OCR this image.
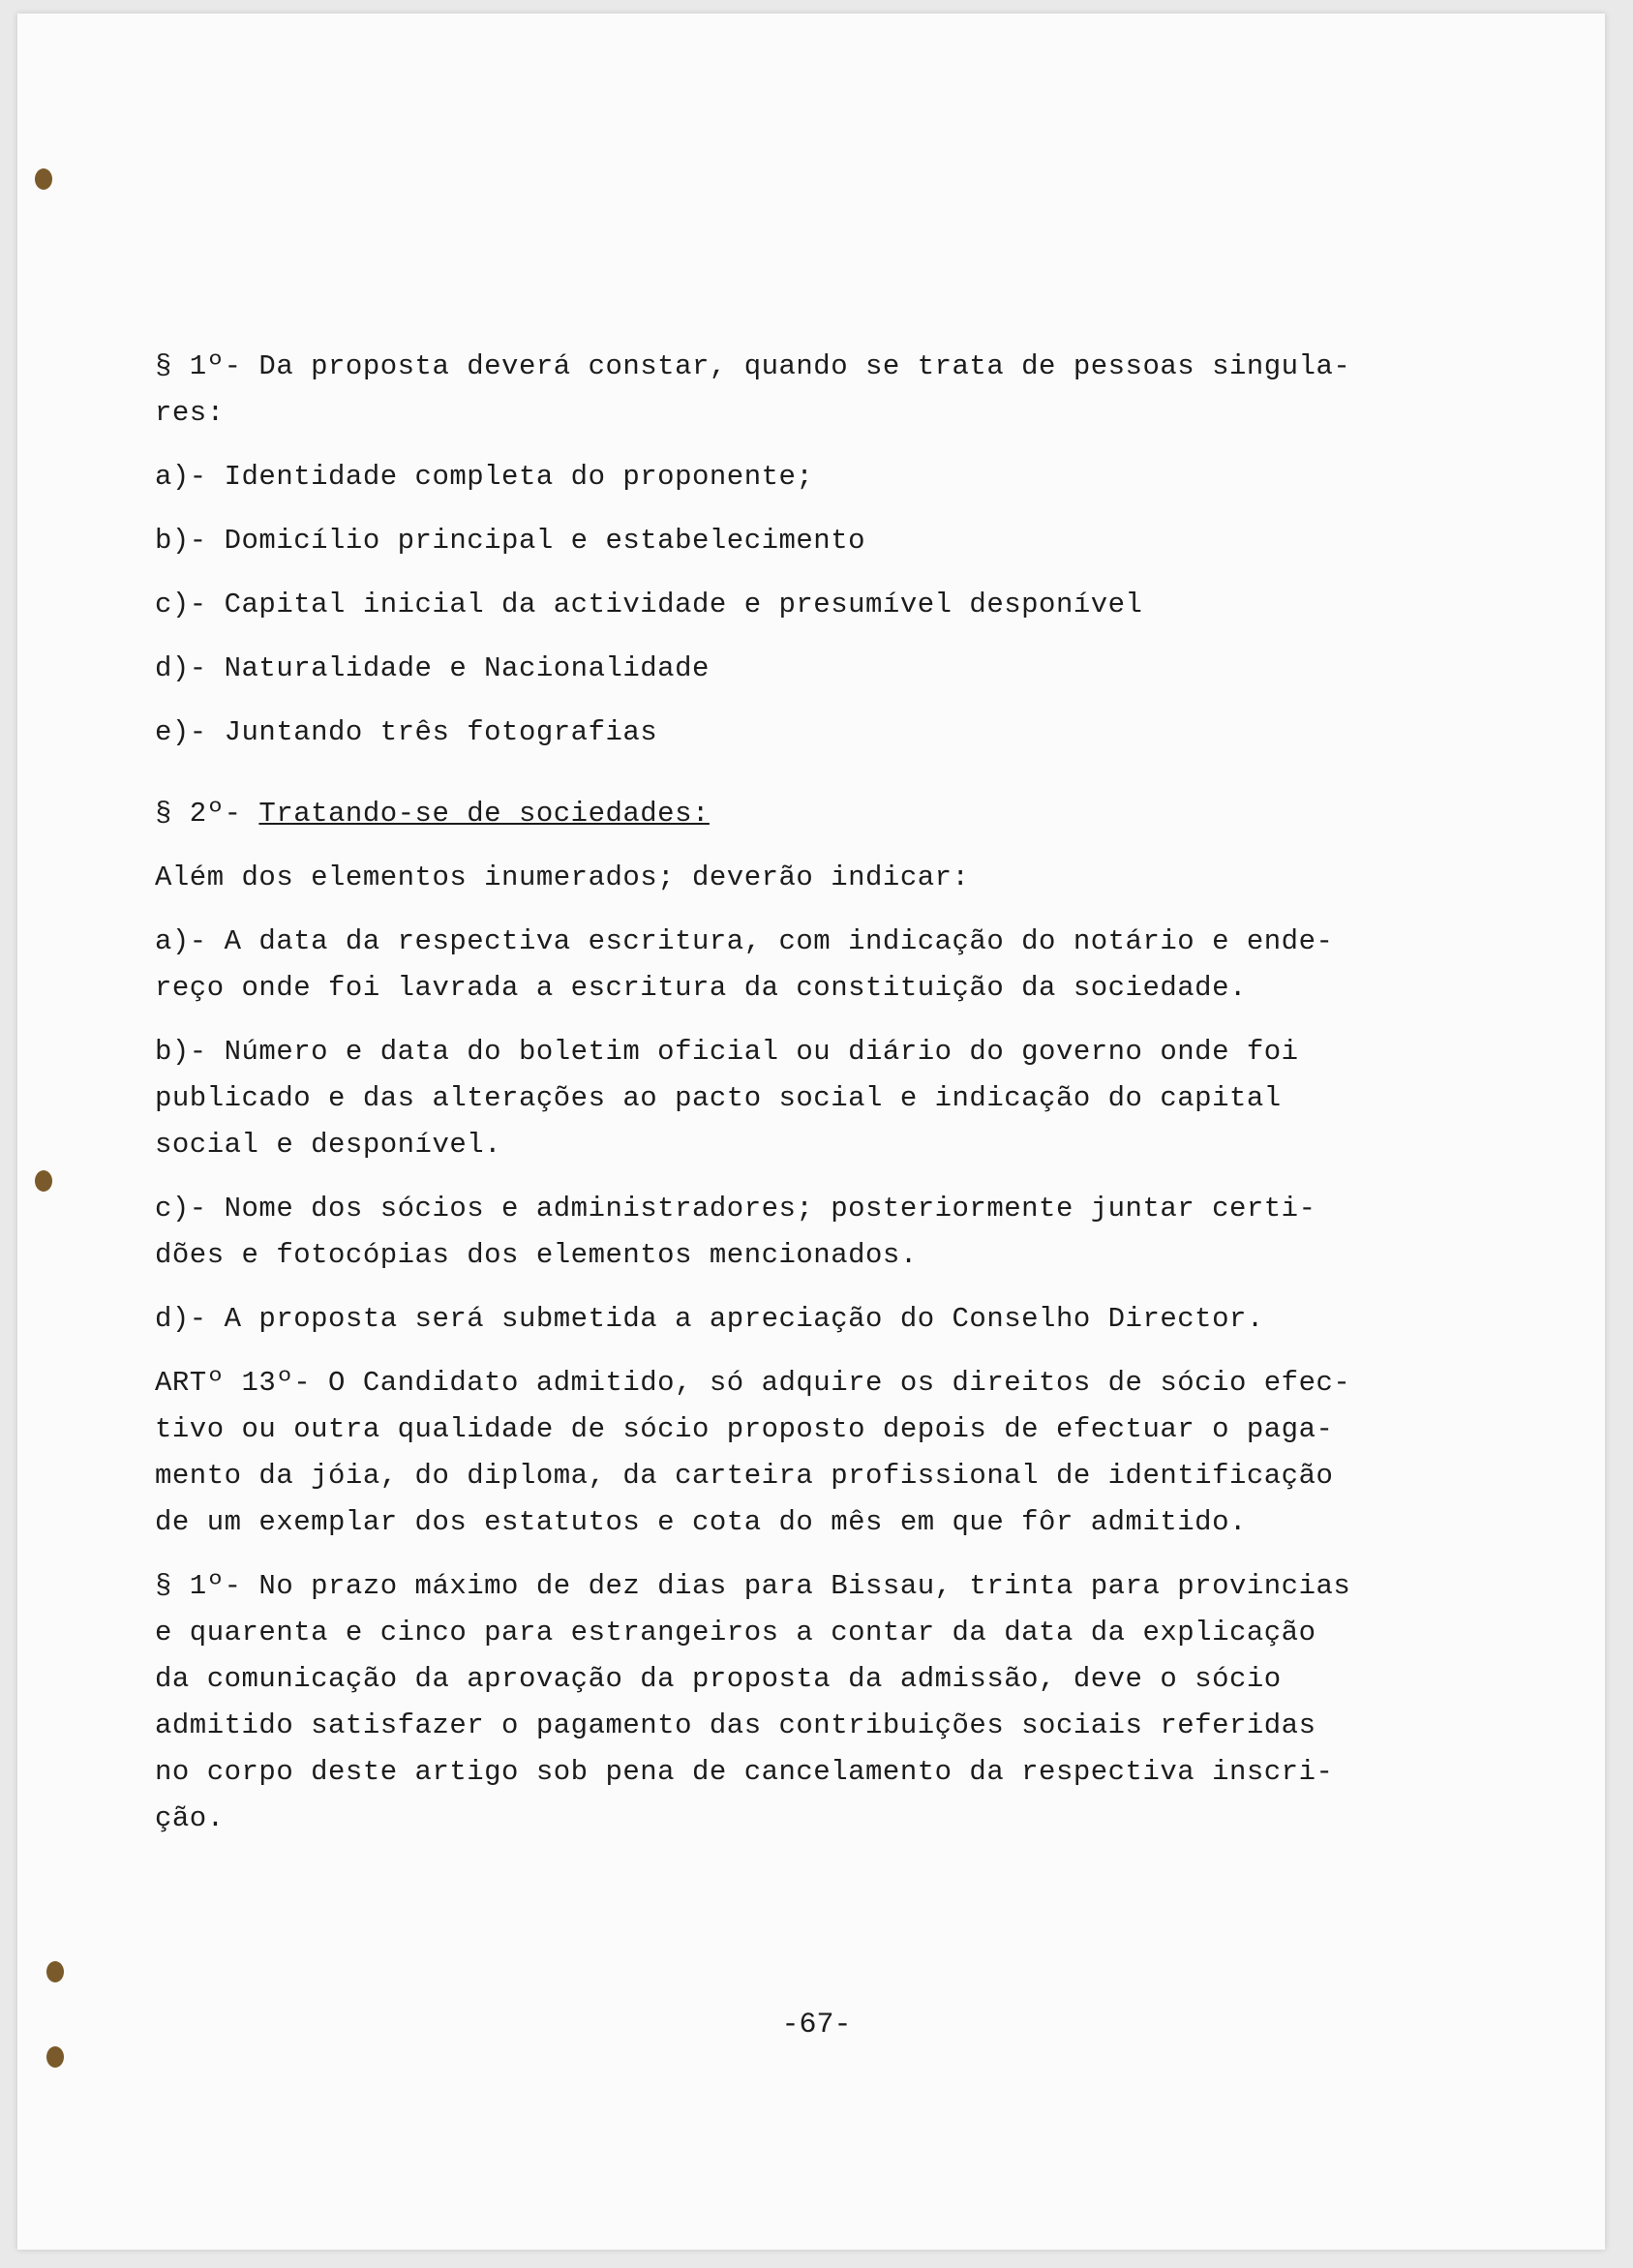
§ 1º- Da proposta deverá constar, quando se trata de pessoas singula-

res:

a)- Identidade completa do proponente;

b)- Domicílio principal e estabelecimento

c)- Capital inicial da actividade e presumível desponível

d)- Naturalidade e Nacionalidade

e)- Juntando três fotografias

§ 2º- Tratando-se de sociedades:

Além dos elementos inumerados; deverão indicar:

a)- A data da respectiva escritura, com indicação do notário e ende-

reço onde foi lavrada a escritura da constituição da sociedade.

b)- Número e data do boletim oficial ou diário do governo onde foi

publicado e das alterações ao pacto social e indicação do capital

social e desponível.

c)- Nome dos sócios e administradores; posteriormente juntar certi-

dões e fotocópias dos elementos mencionados.

d)- A proposta será submetida a apreciação do Conselho Director.

ARTº 13º- O Candidato admitido, só adquire os direitos de sócio efec-

tivo ou outra qualidade de sócio proposto depois de efectuar o paga-

mento da jóia, do diploma, da carteira profissional de identificação

de um exemplar dos estatutos e cota do mês em que fôr admitido.

§ 1º- No prazo máximo de dez dias para Bissau, trinta para provincias

e quarenta e cinco para estrangeiros a contar da data da explicação

da comunicação da aprovação da proposta da admissão, deve o sócio

admitido satisfazer o pagamento das contribuições sociais referidas

no corpo deste artigo sob pena de cancelamento da respectiva inscri-

ção.

-67-
